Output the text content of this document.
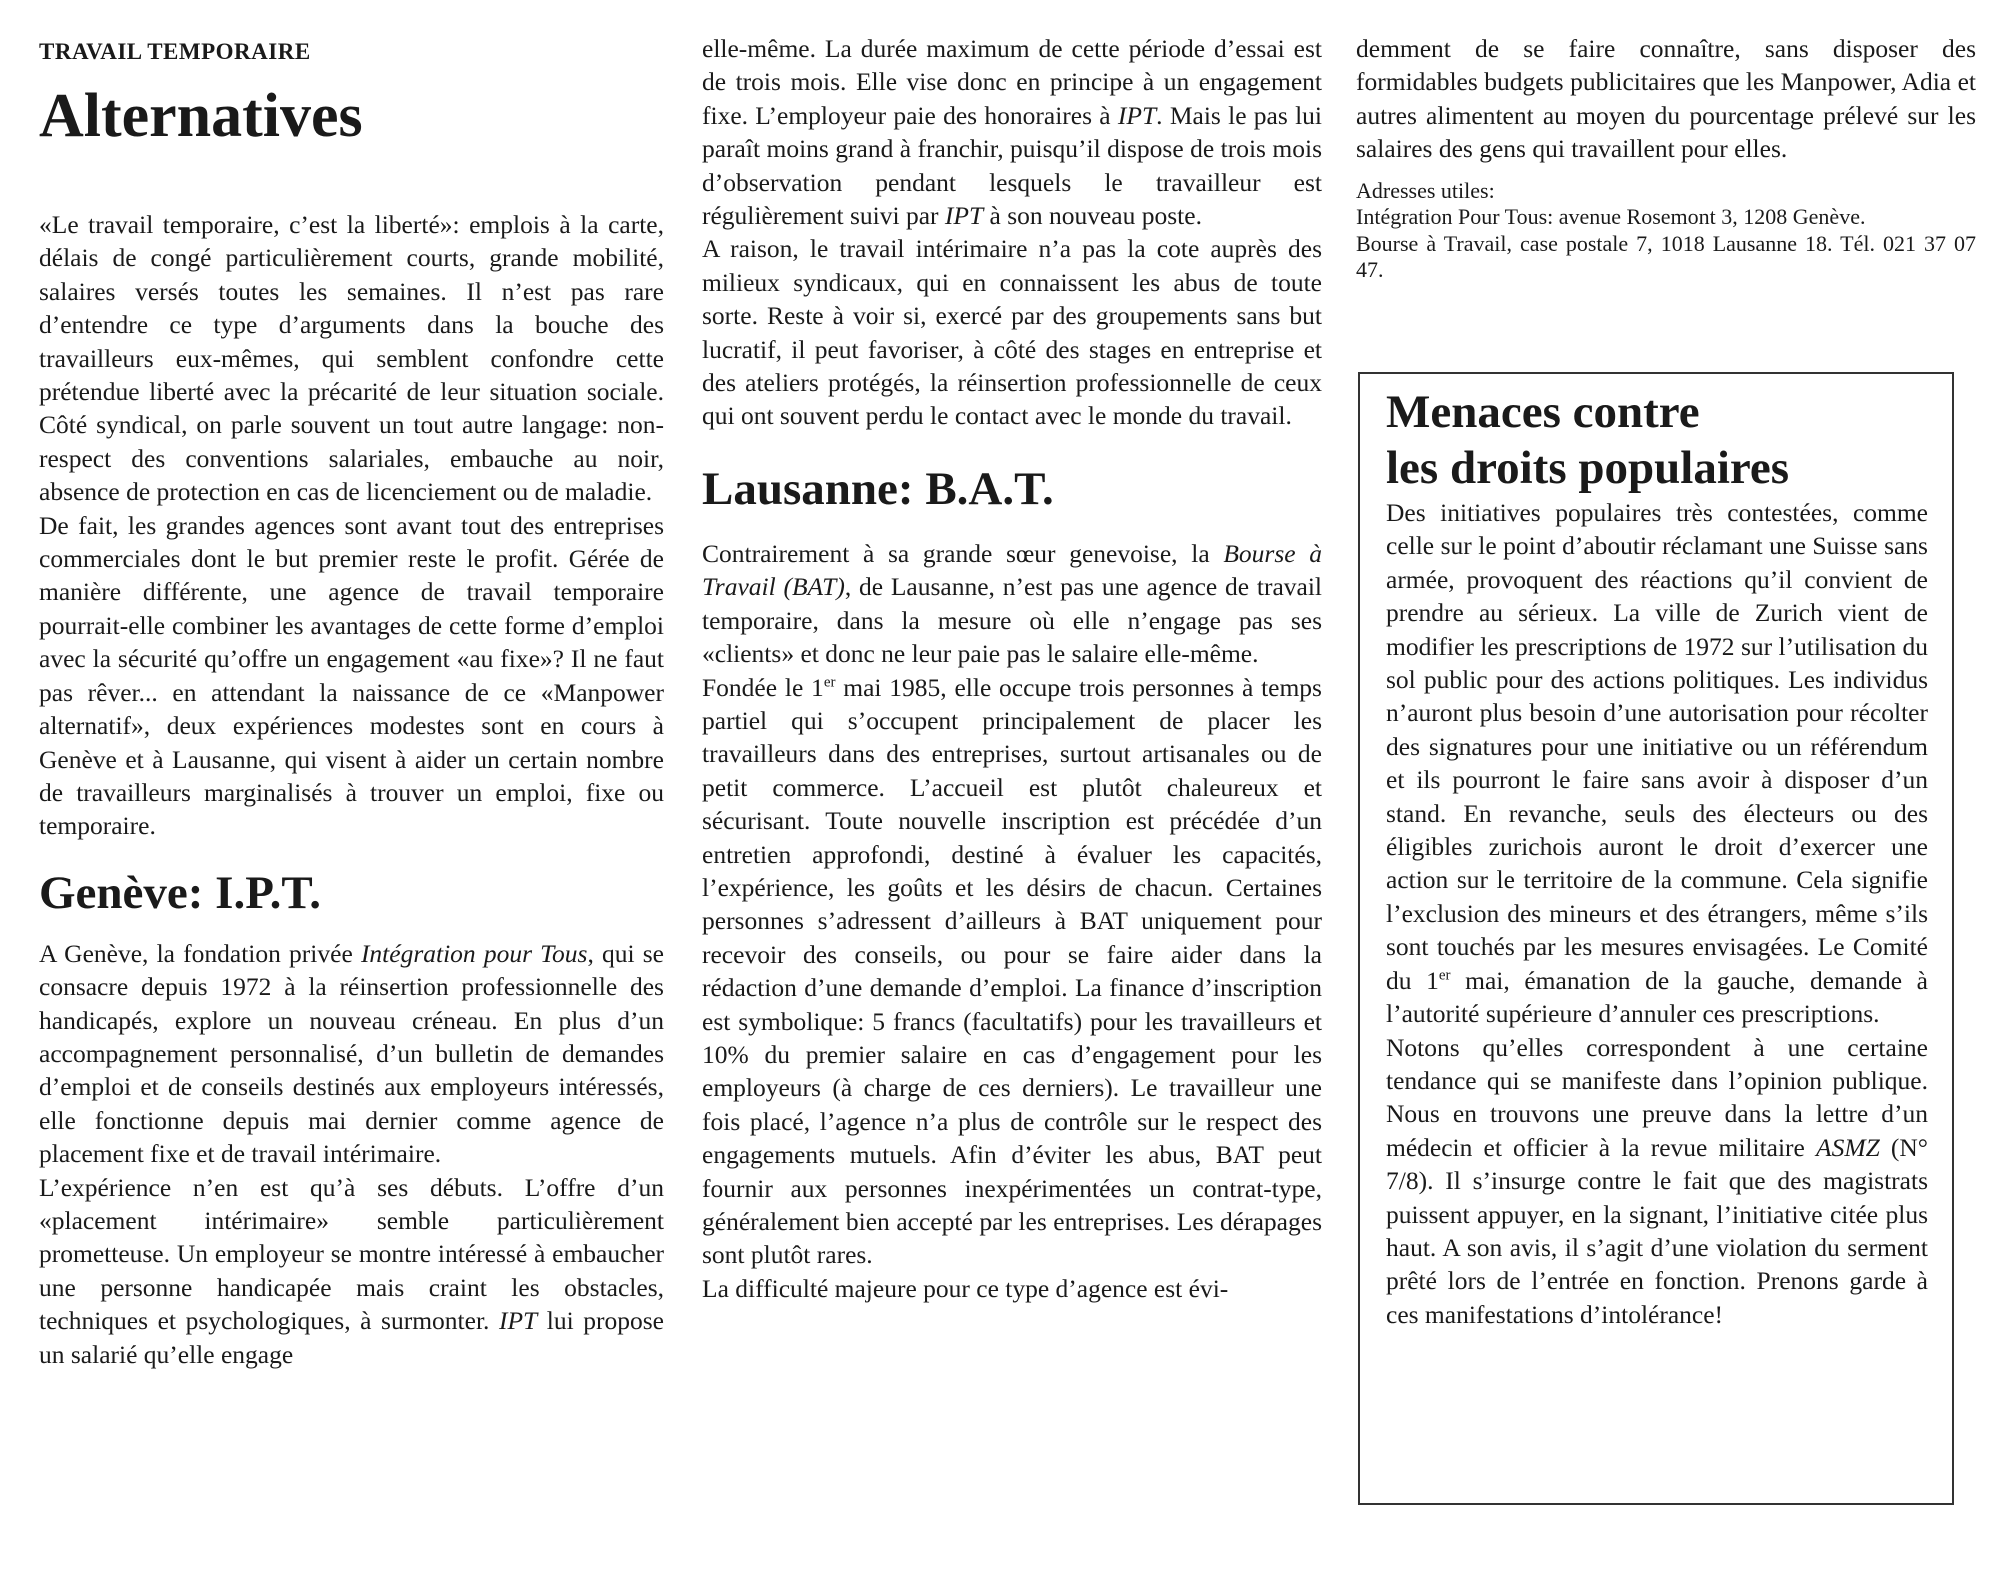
TRAVAIL TEMPORAIRE
Alternatives

«Le travail temporaire, c’est la liberté»: emplois à la carte, délais de congé particulièrement courts, grande mobilité, salaires versés toutes les semaines. Il n’est pas rare d’entendre ce type d’arguments dans la bouche des travailleurs eux-mêmes, qui semblent confondre cette prétendue liberté avec la précarité de leur situation sociale. Côté syndical, on parle souvent un tout autre langage: non-respect des conventions salariales, embauche au noir, absence de protection en cas de licenciement ou de maladie.

De fait, les grandes agences sont avant tout des entreprises commerciales dont le but premier reste le profit. Gérée de manière différente, une agence de travail temporaire pourrait-elle combiner les avantages de cette forme d’emploi avec la sécurité qu’offre un engagement «au fixe»? Il ne faut pas rêver... en attendant la naissance de ce «Manpower alternatif», deux expériences modestes sont en cours à Genève et à Lausanne, qui visent à aider un certain nombre de travailleurs marginalisés à trouver un emploi, fixe ou temporaire.

Genève: I.P.T.

A Genève, la fondation privée Intégration pour Tous, qui se consacre depuis 1972 à la réinsertion professionnelle des handicapés, explore un nouveau créneau. En plus d’un accompagnement personnalisé, d’un bulletin de demandes d’emploi et de conseils destinés aux employeurs intéressés, elle fonctionne depuis mai dernier comme agence de placement fixe et de travail intérimaire.

L’expérience n’en est qu’à ses débuts. L’offre d’un «placement intérimaire» semble particulièrement prometteuse. Un employeur se montre intéressé à embaucher une personne handicapée mais craint les obstacles, techniques et psychologiques, à surmonter. IPT lui propose un salarié qu’elle engage

elle-même. La durée maximum de cette période d’essai est de trois mois. Elle vise donc en principe à un engagement fixe. L’employeur paie des honoraires à IPT. Mais le pas lui paraît moins grand à franchir, puisqu’il dispose de trois mois d’observation pendant lesquels le travailleur est régulièrement suivi par IPT à son nouveau poste.

A raison, le travail intérimaire n’a pas la cote auprès des milieux syndicaux, qui en connaissent les abus de toute sorte. Reste à voir si, exercé par des groupements sans but lucratif, il peut favoriser, à côté des stages en entreprise et des ateliers protégés, la réinsertion professionnelle de ceux qui ont souvent perdu le contact avec le monde du travail.

Lausanne: B.A.T.

Contrairement à sa grande sœur genevoise, la Bourse à Travail (BAT), de Lausanne, n’est pas une agence de travail temporaire, dans la mesure où elle n’engage pas ses «clients» et donc ne leur paie pas le salaire elle-même.

Fondée le 1er mai 1985, elle occupe trois personnes à temps partiel qui s’occupent principalement de placer les travailleurs dans des entreprises, surtout artisanales ou de petit commerce. L’accueil est plutôt chaleureux et sécurisant. Toute nouvelle inscription est précédée d’un entretien approfondi, destiné à évaluer les capacités, l’expérience, les goûts et les désirs de chacun. Certaines personnes s’adressent d’ailleurs à BAT uniquement pour recevoir des conseils, ou pour se faire aider dans la rédaction d’une demande d’emploi. La finance d’inscription est symbolique: 5 francs (facultatifs) pour les travailleurs et 10% du premier salaire en cas d’engagement pour les employeurs (à charge de ces derniers). Le travailleur une fois placé, l’agence n’a plus de contrôle sur le respect des engagements mutuels. Afin d’éviter les abus, BAT peut fournir aux personnes inexpérimentées un contrat-type, généralement bien accepté par les entreprises. Les dérapages sont plutôt rares.

La difficulté majeure pour ce type d’agence est évi-

demment de se faire connaître, sans disposer des formidables budgets publicitaires que les Manpower, Adia et autres alimentent au moyen du pourcentage prélevé sur les salaires des gens qui travaillent pour elles.

Adresses utiles:

Intégration Pour Tous: avenue Rosemont 3, 1208 Genève.

Bourse à Travail, case postale 7, 1018 Lausanne 18. Tél. 021 37 07 47.

Menaces contre
les droits populaires

Des initiatives populaires très contestées, comme celle sur le point d’aboutir réclamant une Suisse sans armée, provoquent des réactions qu’il convient de prendre au sérieux. La ville de Zurich vient de modifier les prescriptions de 1972 sur l’utilisation du sol public pour des actions politiques. Les individus n’auront plus besoin d’une autorisation pour récolter des signatures pour une initiative ou un référendum et ils pourront le faire sans avoir à disposer d’un stand. En revanche, seuls des électeurs ou des éligibles zurichois auront le droit d’exercer une action sur le territoire de la commune. Cela signifie l’exclusion des mineurs et des étrangers, même s’ils sont touchés par les mesures envisagées. Le Comité du 1er mai, émanation de la gauche, demande à l’autorité supérieure d’annuler ces prescriptions.

Notons qu’elles correspondent à une certaine tendance qui se manifeste dans l’opinion publique. Nous en trouvons une preuve dans la lettre d’un médecin et officier à la revue militaire ASMZ (N° 7/8). Il s’insurge contre le fait que des magistrats puissent appuyer, en la signant, l’initiative citée plus haut. A son avis, il s’agit d’une violation du serment prêté lors de l’entrée en fonction. Prenons garde à ces manifestations d’intolérance!
